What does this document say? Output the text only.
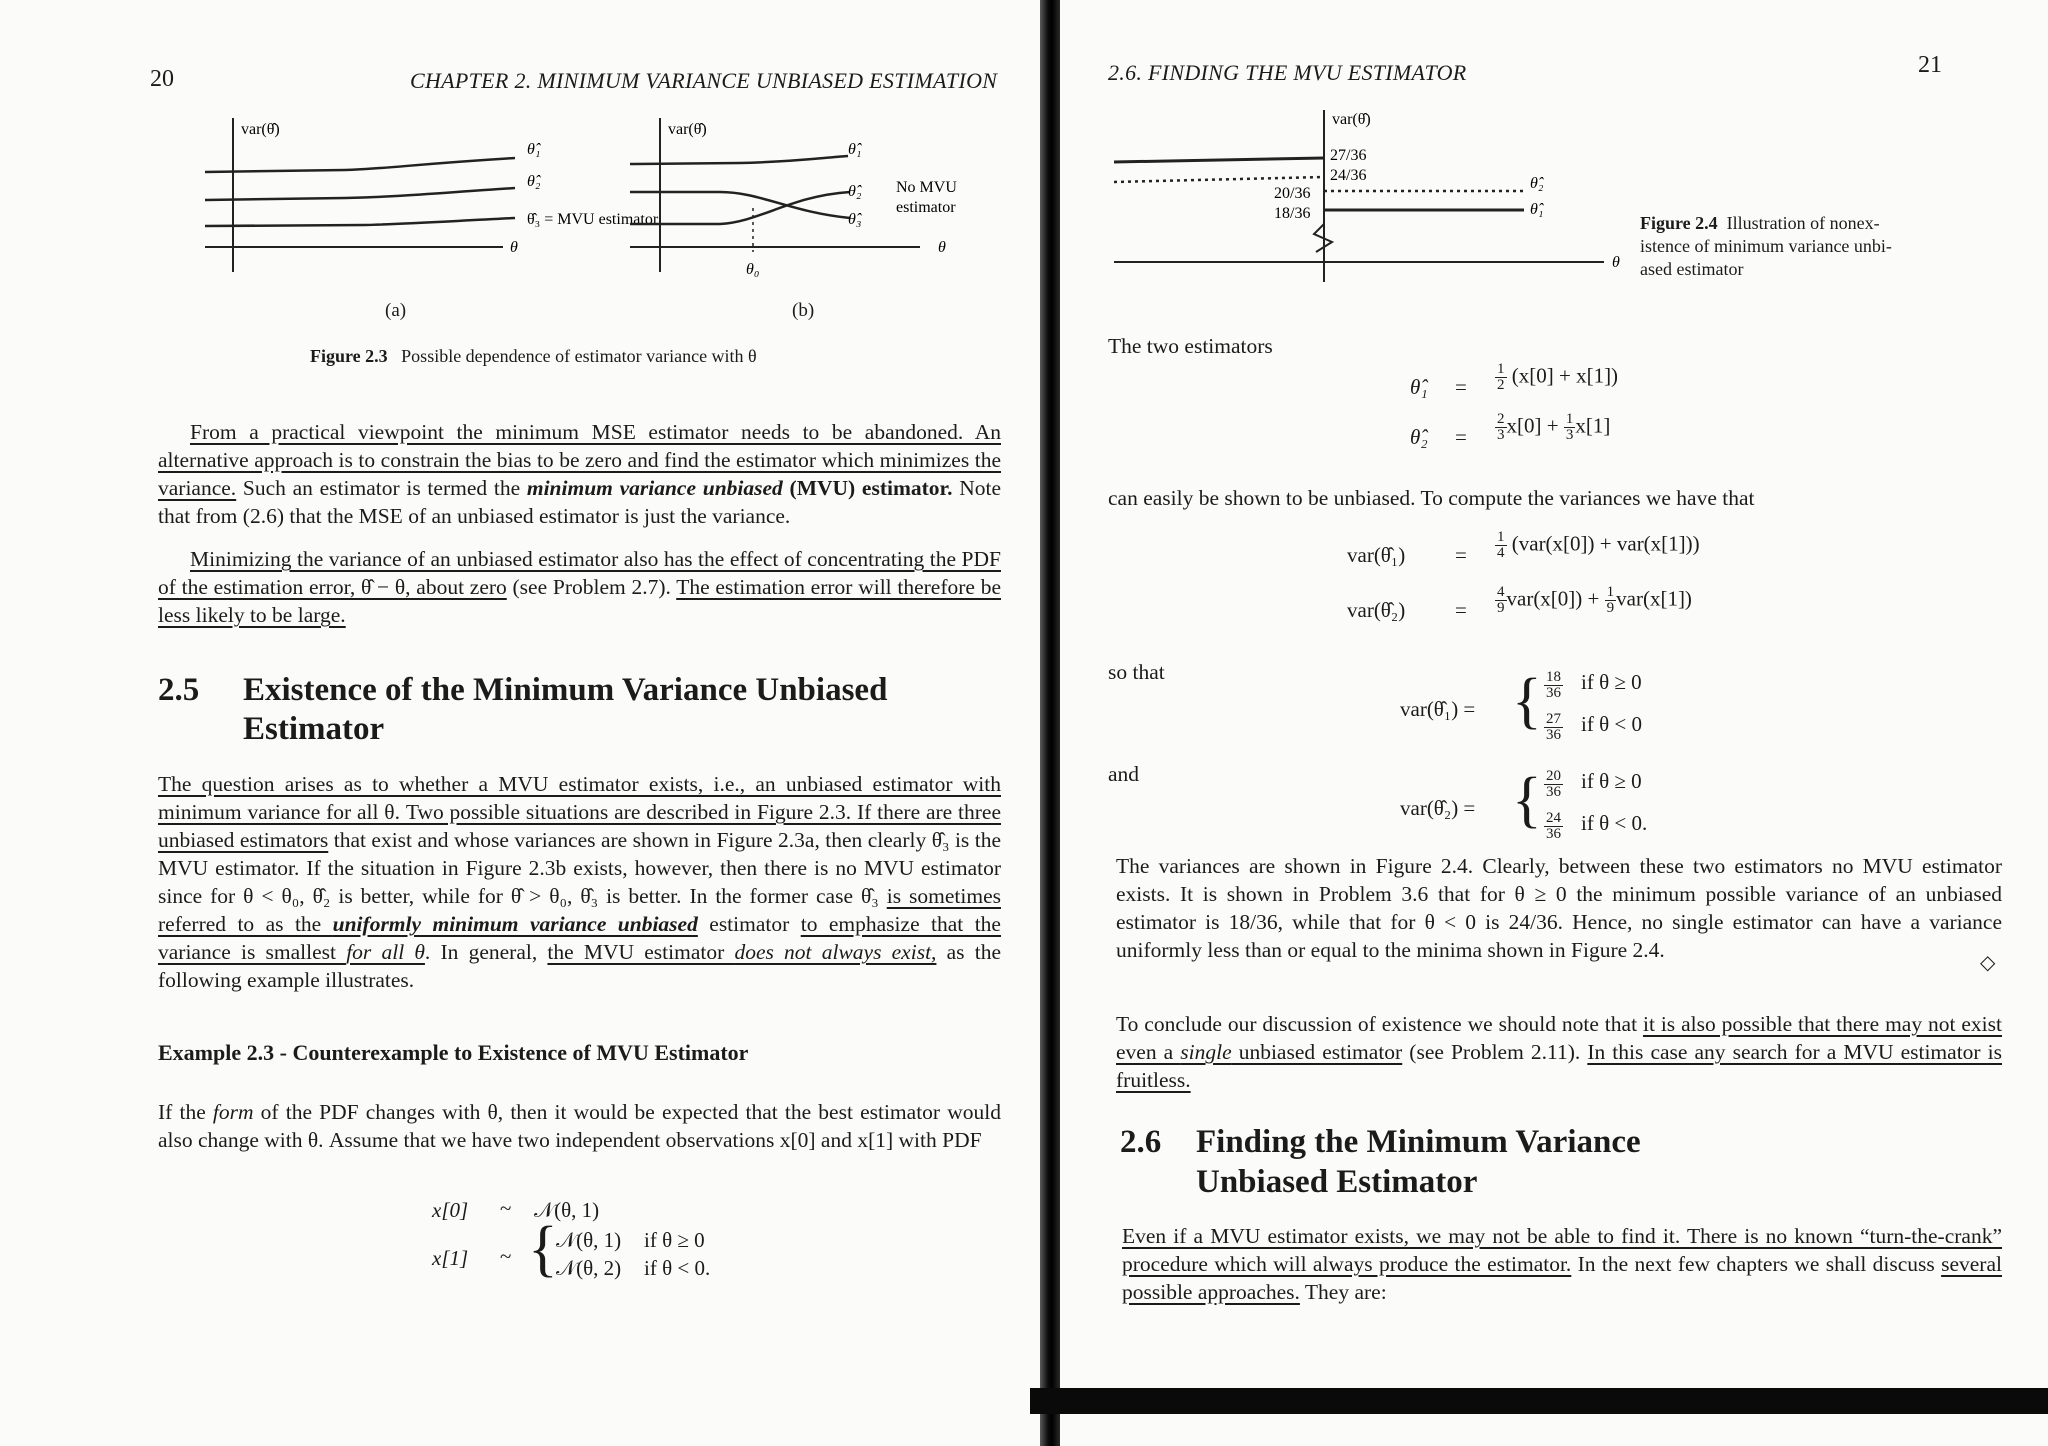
20	CHAPTER 2. MINIMUM VARIANCE UNBIASED ESTIMATION
var(θ̂)
θ̂₁
θ̂₂
θ̂₃ = MVU estimator
θ
(a)
var(θ̂)
θ̂₁
θ̂₂
θ̂₃
No MVU
estimator
θ₀
θ
(b)
Figure 2.3 Possible dependence of estimator variance with θ

From a practical viewpoint the minimum MSE estimator needs to be abandoned. An alternative approach is to constrain the bias to be zero and find the estimator which minimizes the variance. Such an estimator is termed the minimum variance unbiased (MVU) estimator. Note that from (2.6) that the MSE of an unbiased estimator is just the variance.

Minimizing the variance of an unbiased estimator also has the effect of concentrating the PDF of the estimation error, θ̂ − θ, about zero (see Problem 2.7). The estimation error will therefore be less likely to be large.

2.5 Existence of the Minimum Variance Unbiased
Estimator

The question arises as to whether a MVU estimator exists, i.e., an unbiased estimator with minimum variance for all θ. Two possible situations are described in Figure 2.3. If there are three unbiased estimators that exist and whose variances are shown in Figure 2.3a, then clearly θ̂₃ is the MVU estimator. If the situation in Figure 2.3b exists, however, then there is no MVU estimator since for θ < θ₀, θ̂₂ is better, while for θ̂ > θ₀, θ̂₃ is better. In the former case θ̂₃ is sometimes referred to as the uniformly minimum variance unbiased estimator to emphasize that the variance is smallest for all θ. In general, the MVU estimator does not always exist, as the following example illustrates.

Example 2.3 - Counterexample to Existence of MVU Estimator

If the form of the PDF changes with θ, then it would be expected that the best estimator would also change with θ. Assume that we have two independent observations x[0] and x[1] with PDF

x[0] ~ 𝒩(θ, 1)
x[1] ~ {
𝒩(θ, 1) if θ ≥ 0
𝒩(θ, 2) if θ < 0.
2.6. FINDING THE MVU ESTIMATOR	21
var(θ̂)
27/36
24/36
20/36
18/36
θ̂₂
θ̂₁
θ
Figure 2.4 Illustration of nonex-
istence of minimum variance unbi-
ased estimator
The two estimators
θ̂₁ = $\frac{1}{2} (x[0] + x[1])$
θ̂₂ = $\frac{2}{3} x[0] + \frac{1}{3} x[1]$
can easily be shown to be unbiased. To compute the variances we have that
var(θ̂₁) = $\frac{1}{4} (var(x[0]) + var(x[1]))$
var(θ̂₂) = $\frac{4}{9} var(x[0]) + \frac{1}{9} var(x[1])$
so that
var(θ̂₁) = { $\frac{18}{36}$ if θ ≥ 0
$\frac{27}{36}$ if θ < 0
and
var(θ̂₂) = { $\frac{20}{36}$ if θ ≥ 0
$\frac{24}{36}$ if θ < 0.

The variances are shown in Figure 2.4. Clearly, between these two estimators no MVU estimator exists. It is shown in Problem 3.6 that for θ ≥ 0 the minimum possible variance of an unbiased estimator is 18/36, while that for θ < 0 is 24/36. Hence, no single estimator can have a variance uniformly less than or equal to the minima shown in Figure 2.4.

◇

To conclude our discussion of existence we should note that it is also possible that there may not exist even a single unbiased estimator (see Problem 2.11). In this case any search for a MVU estimator is fruitless.

2.6 Finding the Minimum Variance
Unbiased Estimator

Even if a MVU estimator exists, we may not be able to find it. There is no known “turn-the-crank” procedure which will always produce the estimator. In the next few chapters we shall discuss several possible approaches. They are:
